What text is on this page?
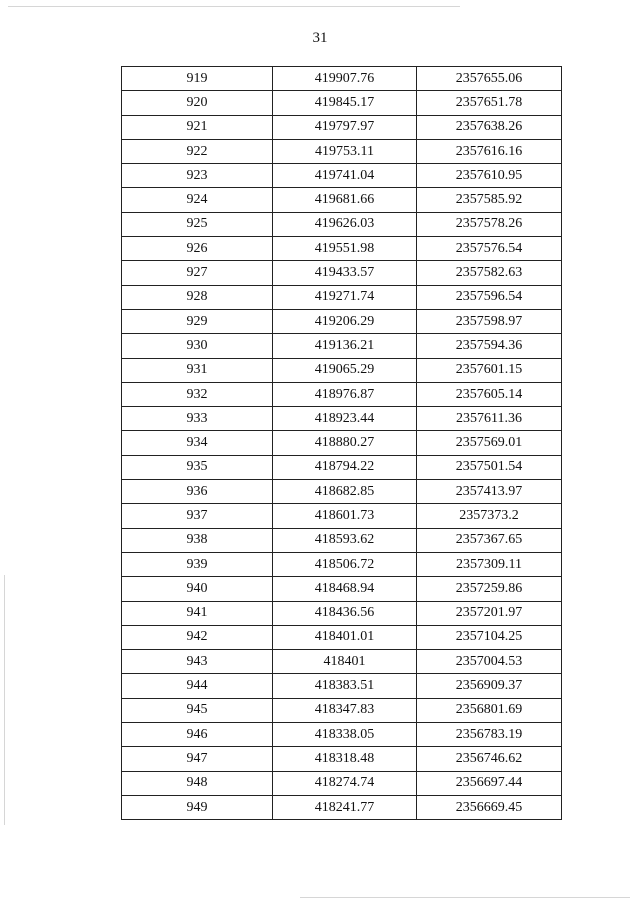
31
919	419907.76	2357655.06
920	419845.17	2357651.78
921	419797.97	2357638.26
922	419753.11	2357616.16
923	419741.04	2357610.95
924	419681.66	2357585.92
925	419626.03	2357578.26
926	419551.98	2357576.54
927	419433.57	2357582.63
928	419271.74	2357596.54
929	419206.29	2357598.97
930	419136.21	2357594.36
931	419065.29	2357601.15
932	418976.87	2357605.14
933	418923.44	2357611.36
934	418880.27	2357569.01
935	418794.22	2357501.54
936	418682.85	2357413.97
937	418601.73	2357373.2
938	418593.62	2357367.65
939	418506.72	2357309.11
940	418468.94	2357259.86
941	418436.56	2357201.97
942	418401.01	2357104.25
943	418401	2357004.53
944	418383.51	2356909.37
945	418347.83	2356801.69
946	418338.05	2356783.19
947	418318.48	2356746.62
948	418274.74	2356697.44
949	418241.77	2356669.45
